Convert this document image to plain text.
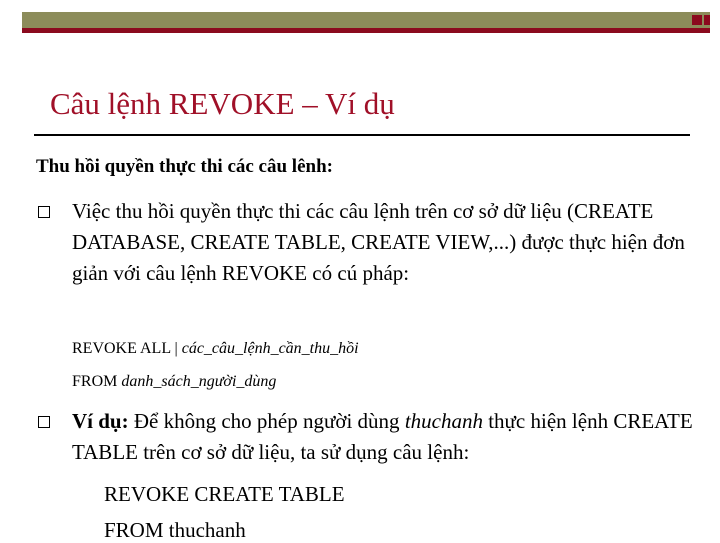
Câu lệnh REVOKE – Ví dụ
Thu hồi quyền thực thi các câu lênh:
Việc thu hồi quyền thực thi các câu lệnh trên cơ sở dữ liệu (CREATE DATABASE, CREATE TABLE, CREATE VIEW,...) được thực hiện đơn giản với câu lệnh REVOKE có cú pháp:
REVOKE ALL | các_câu_lệnh_cần_thu_hồi
FROM danh_sách_người_dùng
Ví dụ: Để không cho phép người dùng thuchanh thực hiện lệnh CREATE TABLE trên cơ sở dữ liệu, ta sử dụng câu lệnh:
REVOKE CREATE TABLE
FROM thuchanh
